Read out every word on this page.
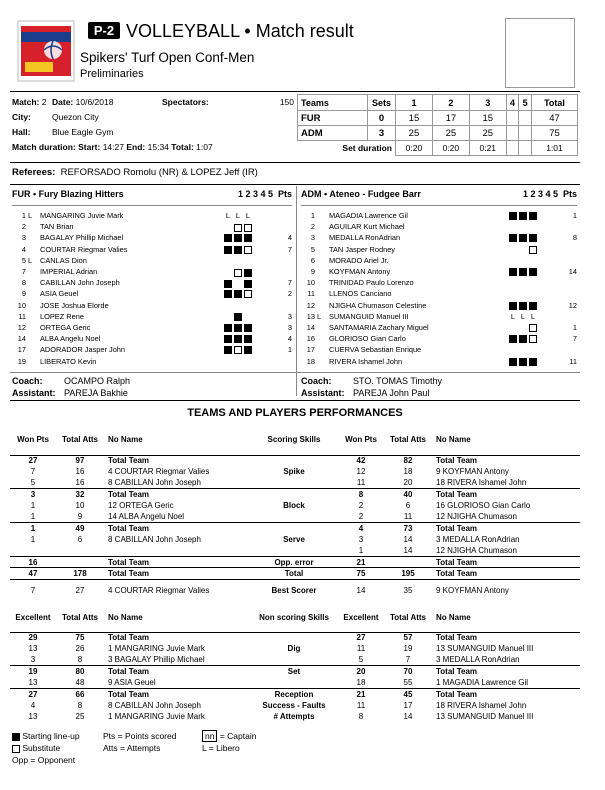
P-2 VOLLEYBALL • Match result
Spikers' Turf Open Conf-Men
Preliminaries
Match: 2	Date: 10/6/2018	Spectators:	150
City:	Quezon City
Hall:	Blue Eagle Gym
Match duration: Start: 14:27 End: 15:34 Total: 1:07
Teams	Sets	1	2	3	4	5	Total
FUR	0	15	17	15			47
ADM	3	25	25	25			75
Set duration		0:20	0:20	0:21			1:01
Referees: REFORSADO Romolu (NR) & LOPEZ Jeff (IR)
FUR • Fury Blazing Hitters	1 2 3 4 5 Pts
1	L	MANGARING Juvie Mark	L L L	
2		TAN Brian		
3		BAGALAY Phillip Michael		4
4		COURTAR Riegmar Valies		7
5	L	CANLAS Dion		
7		IMPERIAL Adrian		
8		CABILLAN John Joseph		7
9		ASIA Geuel		2
10		JOSE Joshua Elorde		
11		LOPEZ Rene		3
12		ORTEGA Geric		3
14		ALBA Angelu Noel		4
17		ADORADOR Jasper John		1
19		LIBERATO Kevin		
ADM • Ateneo - Fudgee Barr	1 2 3 4 5 Pts
1		MAGADIA Lawrence Gil		1
2		AGUILAR Kurt Michael		
3		MEDALLA RonAdrian		8
5		TAN Jasper Rodney		
6		MORADO Ariel Jr.		
9		KOYFMAN Antony		14
10		TRINIDAD Paulo Lorenzo		
11		LLENOS Canciano		
12		NJIGHA Chumason Celestine		12
13	L	SUMANGUID Manuel III	L L L	
14		SANTAMARIA Zachary Miguel		1
16		GLORIOSO Gian Carlo		7
17		CUERVA Sebastian Enrique		
18		RIVERA Ishamel John		11
Coach: OCAMPO Ralph
Assistant: PAREJA Bakhie
Coach: STO. TOMAS Timothy
Assistant: PAREJA John Paul
TEAMS AND PLAYERS PERFORMANCES
Won Pts	Total Atts	No Name	Scoring Skills	Won Pts	Total Atts	No Name
27	97	Total Team		42	82	Total Team
7	16	4 COURTAR Riegmar Valies	Spike	12	18	9 KOYFMAN Antony
5	16	8 CABILLAN John Joseph		11	20	18 RIVERA Ishamel John
3	32	Total Team		8	40	Total Team
1	10	12 ORTEGA Geric	Block	2	6	16 GLORIOSO Gian Carlo
1	9	14 ALBA Angelu Noel		2	11	12 NJIGHA Chumason
1	49	Total Team		4	73	Total Team
1	6	8 CABILLAN John Joseph	Serve	3	14	3 MEDALLA RonAdrian
				1	14	12 NJIGHA Chumason
16		Total Team	Opp. error	21		Total Team
47	178	Total Team	Total	75	195	Total Team
7	27	4 COURTAR Riegmar Valies	Best Scorer	14	35	9 KOYFMAN Antony
Excellent	Total Atts	No Name	Non scoring Skills	Excellent	Total Atts	No Name
29	75	Total Team		27	57	Total Team
13	26	1 MANGARING Juvie Mark	Dig	11	19	13 SUMANGUID Manuel III
3	8	3 BAGALAY Phillip Michael		5	7	3 MEDALLA RonAdrian
19	80	Total Team	Set	20	70	Total Team
13	48	9 ASIA Geuel		18	55	1 MAGADIA Lawrence Gil
27	66	Total Team	Reception	21	45	Total Team
4	8	8 CABILLAN John Joseph	Success - Faults	11	17	18 RIVERA Ishamel John
13	25	1 MANGARING Juvie Mark	# Attempts	8	14	13 SUMANGUID Manuel III
Starting line-up
Substitute
Opp = Opponent
Pts = Points scored
Atts = Attempts
nn = Captain
L = Libero
